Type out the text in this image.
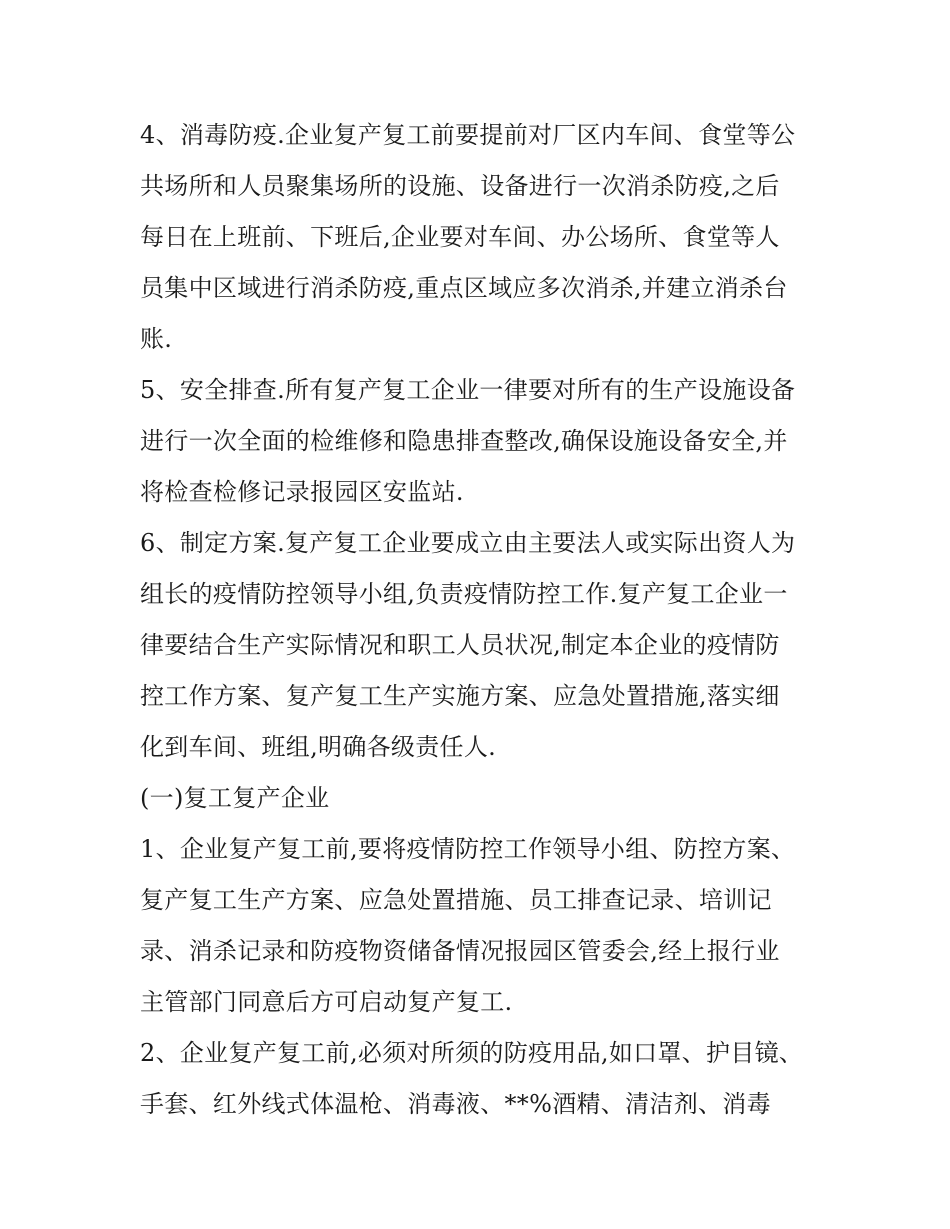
4、消毒防疫.企业复产复工前要提前对厂区内车间、食堂等公
共场所和人员聚集场所的设施、设备进行一次消杀防疫,之后
每日在上班前、下班后,企业要对车间、办公场所、食堂等人
员集中区域进行消杀防疫,重点区域应多次消杀,并建立消杀台
账.
5、安全排查.所有复产复工企业一律要对所有的生产设施设备
进行一次全面的检维修和隐患排查整改,确保设施设备安全,并
将检查检修记录报园区安监站.
6、制定方案.复产复工企业要成立由主要法人或实际出资人为
组长的疫情防控领导小组,负责疫情防控工作.复产复工企业一
律要结合生产实际情况和职工人员状况,制定本企业的疫情防
控工作方案、复产复工生产实施方案、应急处置措施,落实细
化到车间、班组,明确各级责任人.
(一)复工复产企业
1、企业复产复工前,要将疫情防控工作领导小组、防控方案、
复产复工生产方案、应急处置措施、员工排查记录、培训记
录、消杀记录和防疫物资储备情况报园区管委会,经上报行业
主管部门同意后方可启动复产复工.
2、企业复产复工前,必须对所须的防疫用品,如口罩、护目镜、
手套、红外线式体温枪、消毒液、**%酒精、清洁剂、消毒
